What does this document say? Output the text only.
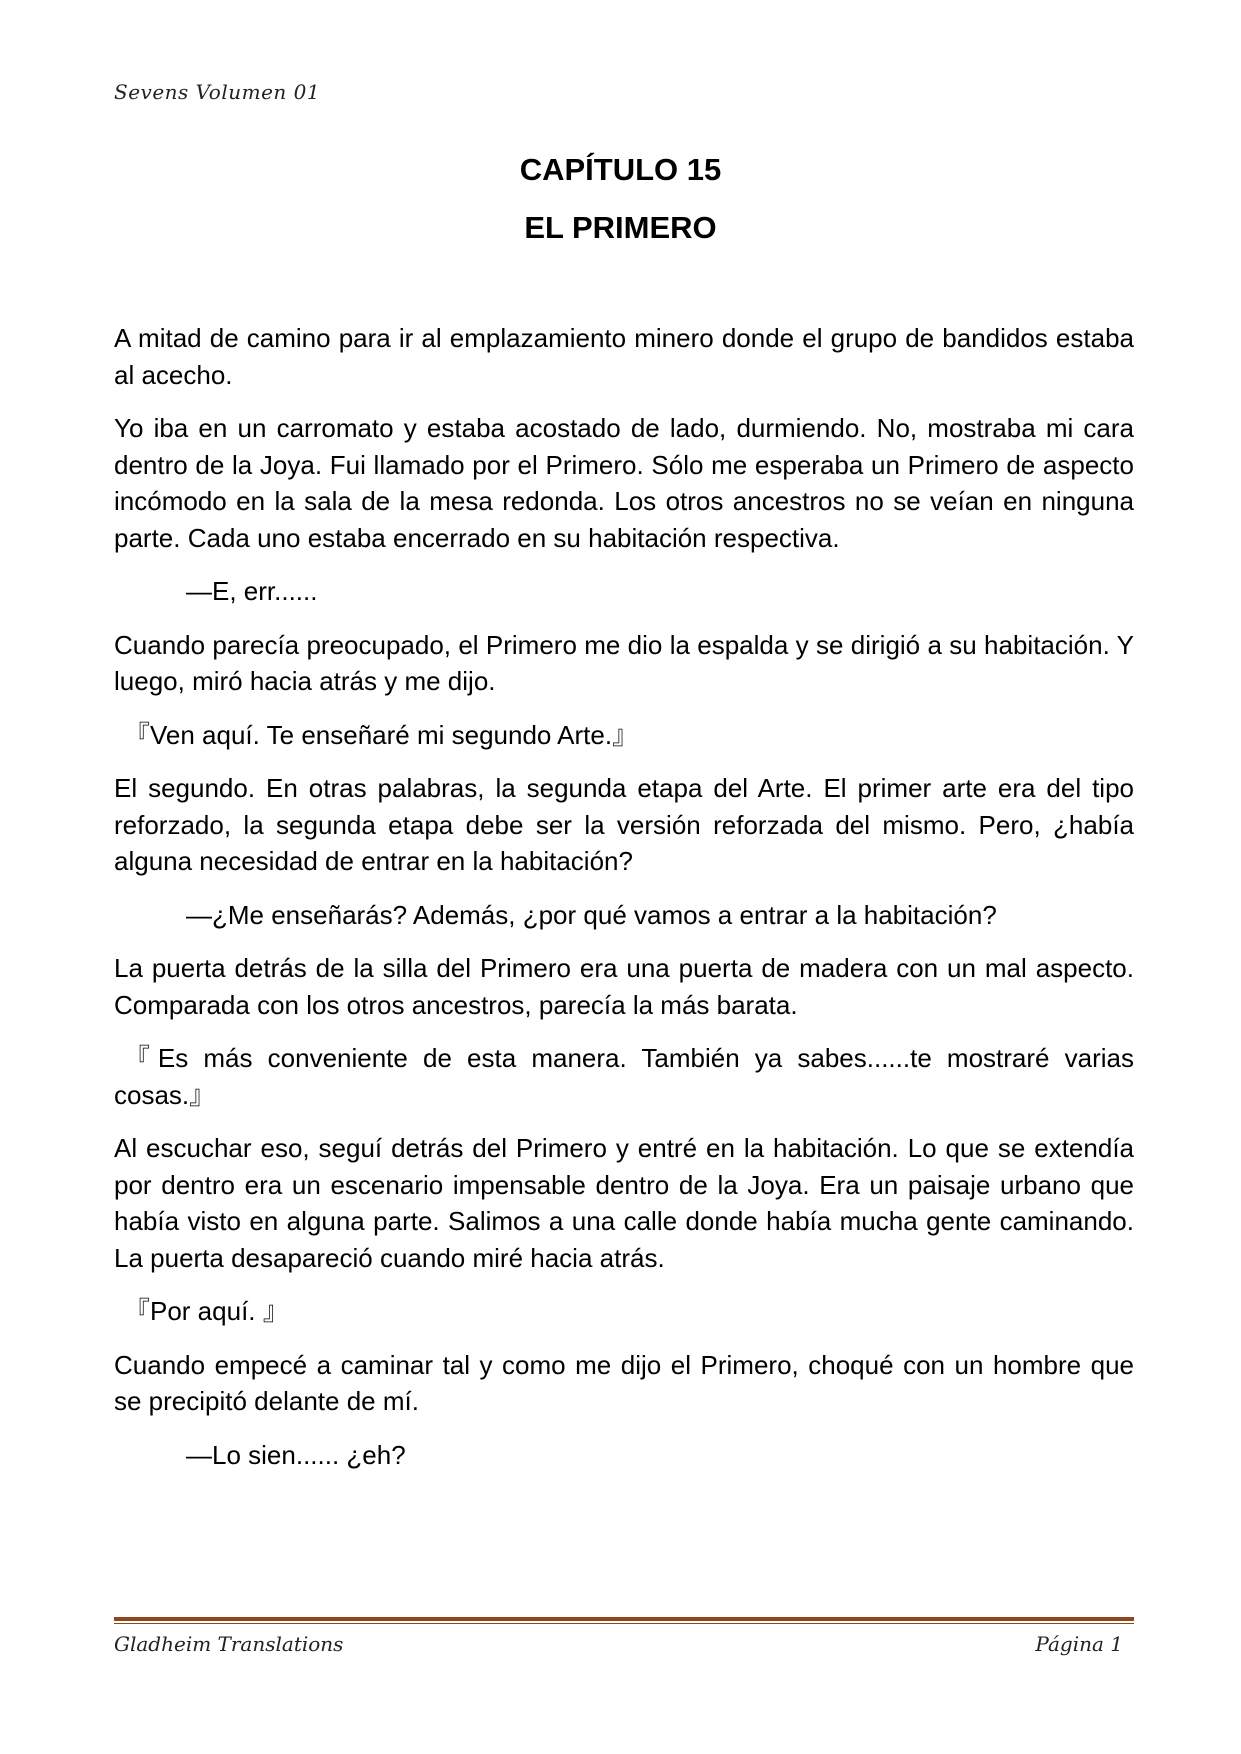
Sevens Volumen 01
CAPÍTULO 15
EL PRIMERO

A mitad de camino para ir al emplazamiento minero donde el grupo de bandidos estaba al acecho.

Yo iba en un carromato y estaba acostado de lado, durmiendo. No, mostraba mi cara dentro de la Joya. Fui llamado por el Primero. Sólo me esperaba un Primero de aspecto incómodo en la sala de la mesa redonda. Los otros ancestros no se veían en ninguna parte. Cada uno estaba encerrado en su habitación respectiva.

—E, err......

Cuando parecía preocupado, el Primero me dio la espalda y se dirigió a su habitación. Y luego, miró hacia atrás y me dijo.

『Ven aquí. Te enseñaré mi segundo Arte.』

El segundo. En otras palabras, la segunda etapa del Arte. El primer arte era del tipo reforzado, la segunda etapa debe ser la versión reforzada del mismo. Pero, ¿había alguna necesidad de entrar en la habitación?

—¿Me enseñarás? Además, ¿por qué vamos a entrar a la habitación?

La puerta detrás de la silla del Primero era una puerta de madera con un mal aspecto. Comparada con los otros ancestros, parecía la más barata.

『Es más conveniente de esta manera. También ya sabes......te mostraré varias cosas.』

Al escuchar eso, seguí detrás del Primero y entré en la habitación. Lo que se extendía por dentro era un escenario impensable dentro de la Joya. Era un paisaje urbano que había visto en alguna parte. Salimos a una calle donde había mucha gente caminando. La puerta desapareció cuando miré hacia atrás.

『Por aquí. 』

Cuando empecé a caminar tal y como me dijo el Primero, choqué con un hombre que se precipitó delante de mí.

—Lo sien...... ¿eh?

Gladheim Translations	Página 1
